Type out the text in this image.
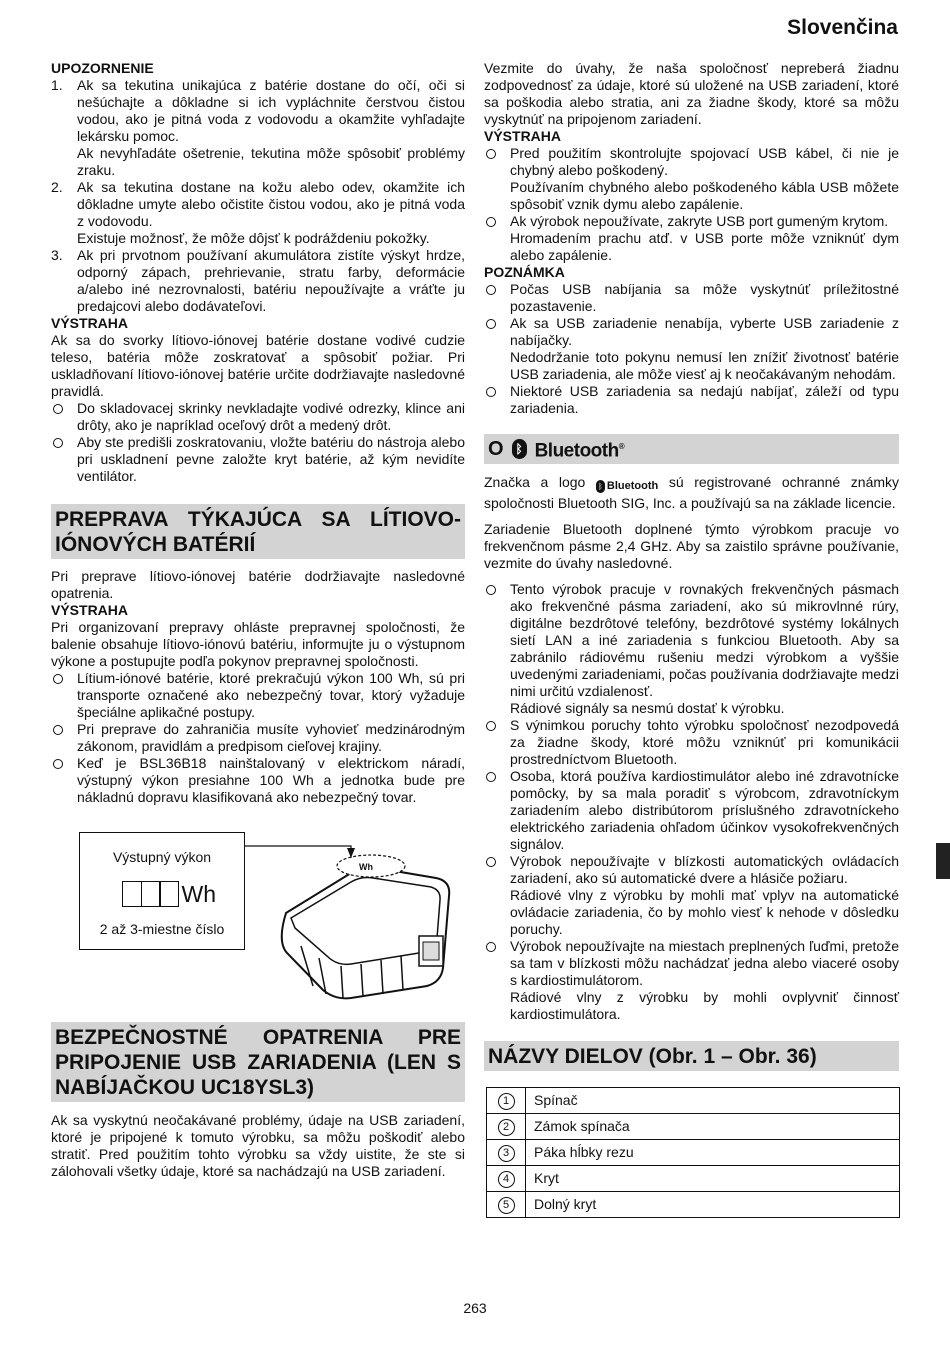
Slovenčina

UPOZORNENIE

1. Ak sa tekutina unikajúca z batérie dostane do očí, oči si nešúchajte a dôkladne si ich vypláchnite čerstvou čistou vodou, ako je pitná voda z vodovodu a okamžite vyhľadajte lekársku pomoc.
Ak nevyhľadáte ošetrenie, tekutina môže spôsobiť problémy zraku.
2. Ak sa tekutina dostane na kožu alebo odev, okamžite ich dôkladne umyte alebo očistite čistou vodou, ako je pitná voda z vodovodu.
Existuje možnosť, že môže dôjsť k podráždeniu pokožky.
3. Ak pri prvotnom používaní akumulátora zistíte výskyt hrdze, odporný zápach, prehrievanie, stratu farby, deformácie a/alebo iné nezrovnalosti, batériu nepoužívajte a vráťte ju predajcovi alebo dodávateľovi.

VÝSTRAHA

Ak sa do svorky lítiovo-iónovej batérie dostane vodivé cudzie teleso, batéria môže zoskratovať a spôsobiť požiar. Pri uskladňovaní lítiovo-iónovej batérie určite dodržiavajte nasledovné pravidlá.

Do skladovacej skrinky nevkladajte vodivé odrezky, klince ani drôty, ako je napríklad oceľový drôt a medený drôt.
Aby ste predišli zoskratovaniu, vložte batériu do nástroja alebo pri uskladnení pevne založte kryt batérie, až kým nevidíte ventilátor.

PREPRAVA TÝKAJÚCA SA LÍTIOVO-IÓNOVÝCH BATÉRIÍ

Pri preprave lítiovo-iónovej batérie dodržiavajte nasledovné opatrenia.

VÝSTRAHA

Pri organizovaní prepravy ohláste prepravnej spoločnosti, že balenie obsahuje lítiovo-iónovú batériu, informujte ju o výstupnom výkone a postupujte podľa pokynov prepravnej spoločnosti.

Lítium-iónové batérie, ktoré prekračujú výkon 100 Wh, sú pri transporte označené ako nebezpečný tovar, ktorý vyžaduje špeciálne aplikačné postupy.
Pri preprave do zahraničia musíte vyhovieť medzinárodným zákonom, pravidlám a predpisom cieľovej krajiny.
Keď je BSL36B18 nainštalovaný v elektrickom náradí, výstupný výkon presiahne 100 Wh a jednotka bude pre nákladnú dopravu klasifikovaná ako nebezpečný tovar.
Wh
Výstupný výkon
Wh
2 až 3-miestne číslo

BEZPEČNOSTNÉ OPATRENIA PRE PRIPOJENIE USB ZARIADENIA (LEN S NABÍJAČKOU UC18YSL3)

Ak sa vyskytnú neočakávané problémy, údaje na USB zariadení, ktoré je pripojené k tomuto výrobku, sa môžu poškodiť alebo stratiť. Pred použitím tohto výrobku sa vždy uistite, že ste si zálohovali všetky údaje, ktoré sa nachádzajú na USB zariadení.

Vezmite do úvahy, že naša spoločnosť nepreberá žiadnu zodpovednosť za údaje, ktoré sú uložené na USB zariadení, ktoré sa poškodia alebo stratia, ani za žiadne škody, ktoré sa môžu vyskytnúť na pripojenom zariadení.

VÝSTRAHA

Pred použitím skontrolujte spojovací USB kábel, či nie je chybný alebo poškodený.
Používaním chybného alebo poškodeného kábla USB môžete spôsobiť vznik dymu alebo zapálenie.
Ak výrobok nepoužívate, zakryte USB port gumeným krytom.
Hromadením prachu atď. v USB porte môže vzniknúť dym alebo zapálenie.

POZNÁMKA

Počas USB nabíjania sa môže vyskytnúť príležitostné pozastavenie.
Ak sa USB zariadenie nenabíja, vyberte USB zariadenie z nabíjačky.
Nedodržanie toto pokynu nemusí len znížiť životnosť batérie USB zariadenia, ale môže viesť aj k neočakávaným nehodám.
Niektoré USB zariadenia sa nedajú nabíjať, záleží od typu zariadenia.
O ᛒ Bluetooth®

Značka a logo ᛒ Bluetooth sú registrované ochranné známky spoločnosti Bluetooth SIG, Inc. a používajú sa na základe licencie.

Zariadenie Bluetooth doplnené týmto výrobkom pracuje vo frekvenčnom pásme 2,4 GHz. Aby sa zaistilo správne používanie, vezmite do úvahy nasledovné.

Tento výrobok pracuje v rovnakých frekvenčných pásmach ako frekvenčné pásma zariadení, ako sú mikrovlnné rúry, digitálne bezdrôtové telefóny, bezdrôtové systémy lokálnych sietí LAN a iné zariadenia s funkciou Bluetooth. Aby sa zabránilo rádiovému rušeniu medzi výrobkom a vyššie uvedenými zariadeniami, počas používania dodržiavajte medzi nimi určitú vzdialenosť.
Rádiové signály sa nesmú dostať k výrobku.
S výnimkou poruchy tohto výrobku spoločnosť nezodpovedá za žiadne škody, ktoré môžu vzniknúť pri komunikácii prostredníctvom Bluetooth.
Osoba, ktorá používa kardiostimulátor alebo iné zdravotnícke pomôcky, by sa mala poradiť s výrobcom, zdravotníckym zariadením alebo distribútorom príslušného zdravotníckeho elektrického zariadenia ohľadom účinkov vysokofrekvenčných signálov.
Výrobok nepoužívajte v blízkosti automatických ovládacích zariadení, ako sú automatické dvere a hlásiče požiaru.
Rádiové vlny z výrobku by mohli mať vplyv na automatické ovládacie zariadenia, čo by mohlo viesť k nehode v dôsledku poruchy.
Výrobok nepoužívajte na miestach preplnených ľuďmi, pretože sa tam v blízkosti môžu nachádzať jedna alebo viaceré osoby s kardiostimulátorom.
Rádiové vlny z výrobku by mohli ovplyvniť činnosť kardiostimulátora.

NÁZVY DIELOV (Obr. 1 – Obr. 36)

1	Spínač
2	Zámok spínača
3	Páka hĺbky rezu
4	Kryt
5	Dolný kryt
263
